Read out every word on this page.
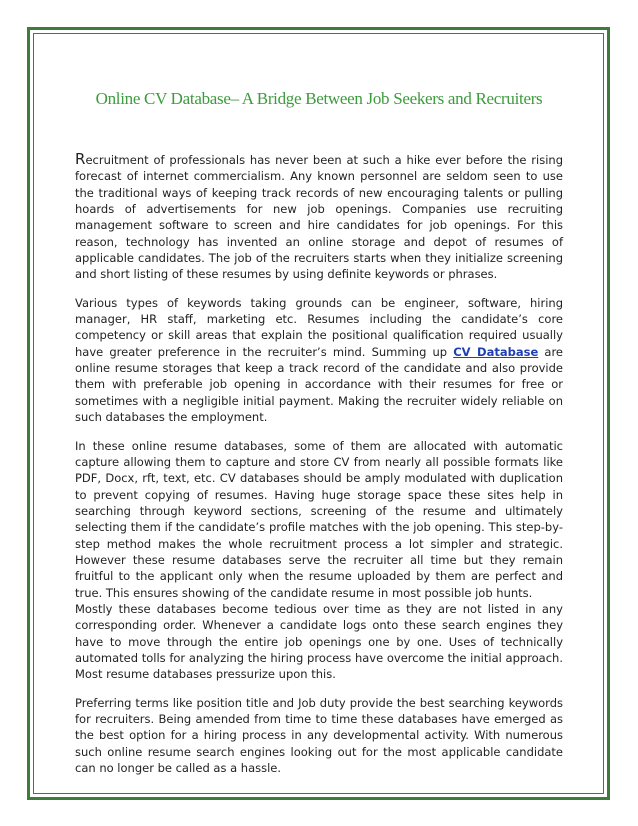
Online CV Database– A Bridge Between Job Seekers and Recruiters

Recruitment of professionals has never been at such a hike ever before the rising forecast of internet commercialism. Any known personnel are seldom seen to use the traditional ways of keeping track records of new encouraging talents or pulling hoards of advertisements for new job openings. Companies use recruiting management software to screen and hire candidates for job openings. For this reason, technology has invented an online storage and depot of resumes of applicable candidates. The job of the recruiters starts when they initialize screening and short listing of these resumes by using definite keywords or phrases.

Various types of keywords taking grounds can be engineer, software, hiring manager, HR staff, marketing etc. Resumes including the candidate’s core competency or skill areas that explain the positional qualification required usually have greater preference in the recruiter’s mind. Summing up CV Database are online resume storages that keep a track record of the candidate and also provide them with preferable job opening in accordance with their resumes for free or sometimes with a negligible initial payment. Making the recruiter widely reliable on such databases the employment.

In these online resume databases, some of them are allocated with automatic capture allowing them to capture and store CV from nearly all possible formats like PDF, Docx, rft, text, etc. CV databases should be amply modulated with duplication to prevent copying of resumes. Having huge storage space these sites help in searching through keyword sections, screening of the resume and ultimately selecting them if the candidate’s profile matches with the job opening. This step-by-step method makes the whole recruitment process a lot simpler and strategic. However these resume databases serve the recruiter all time but they remain fruitful to the applicant only when the resume uploaded by them are perfect and true. This ensures showing of the candidate resume in most possible job hunts.

Mostly these databases become tedious over time as they are not listed in any corresponding order. Whenever a candidate logs onto these search engines they have to move through the entire job openings one by one. Uses of technically automated tolls for analyzing the hiring process have overcome the initial approach. Most resume databases pressurize upon this.

Preferring terms like position title and Job duty provide the best searching keywords for recruiters. Being amended from time to time these databases have emerged as the best option for a hiring process in any developmental activity. With numerous such online resume search engines looking out for the most applicable candidate can no longer be called as a hassle.
